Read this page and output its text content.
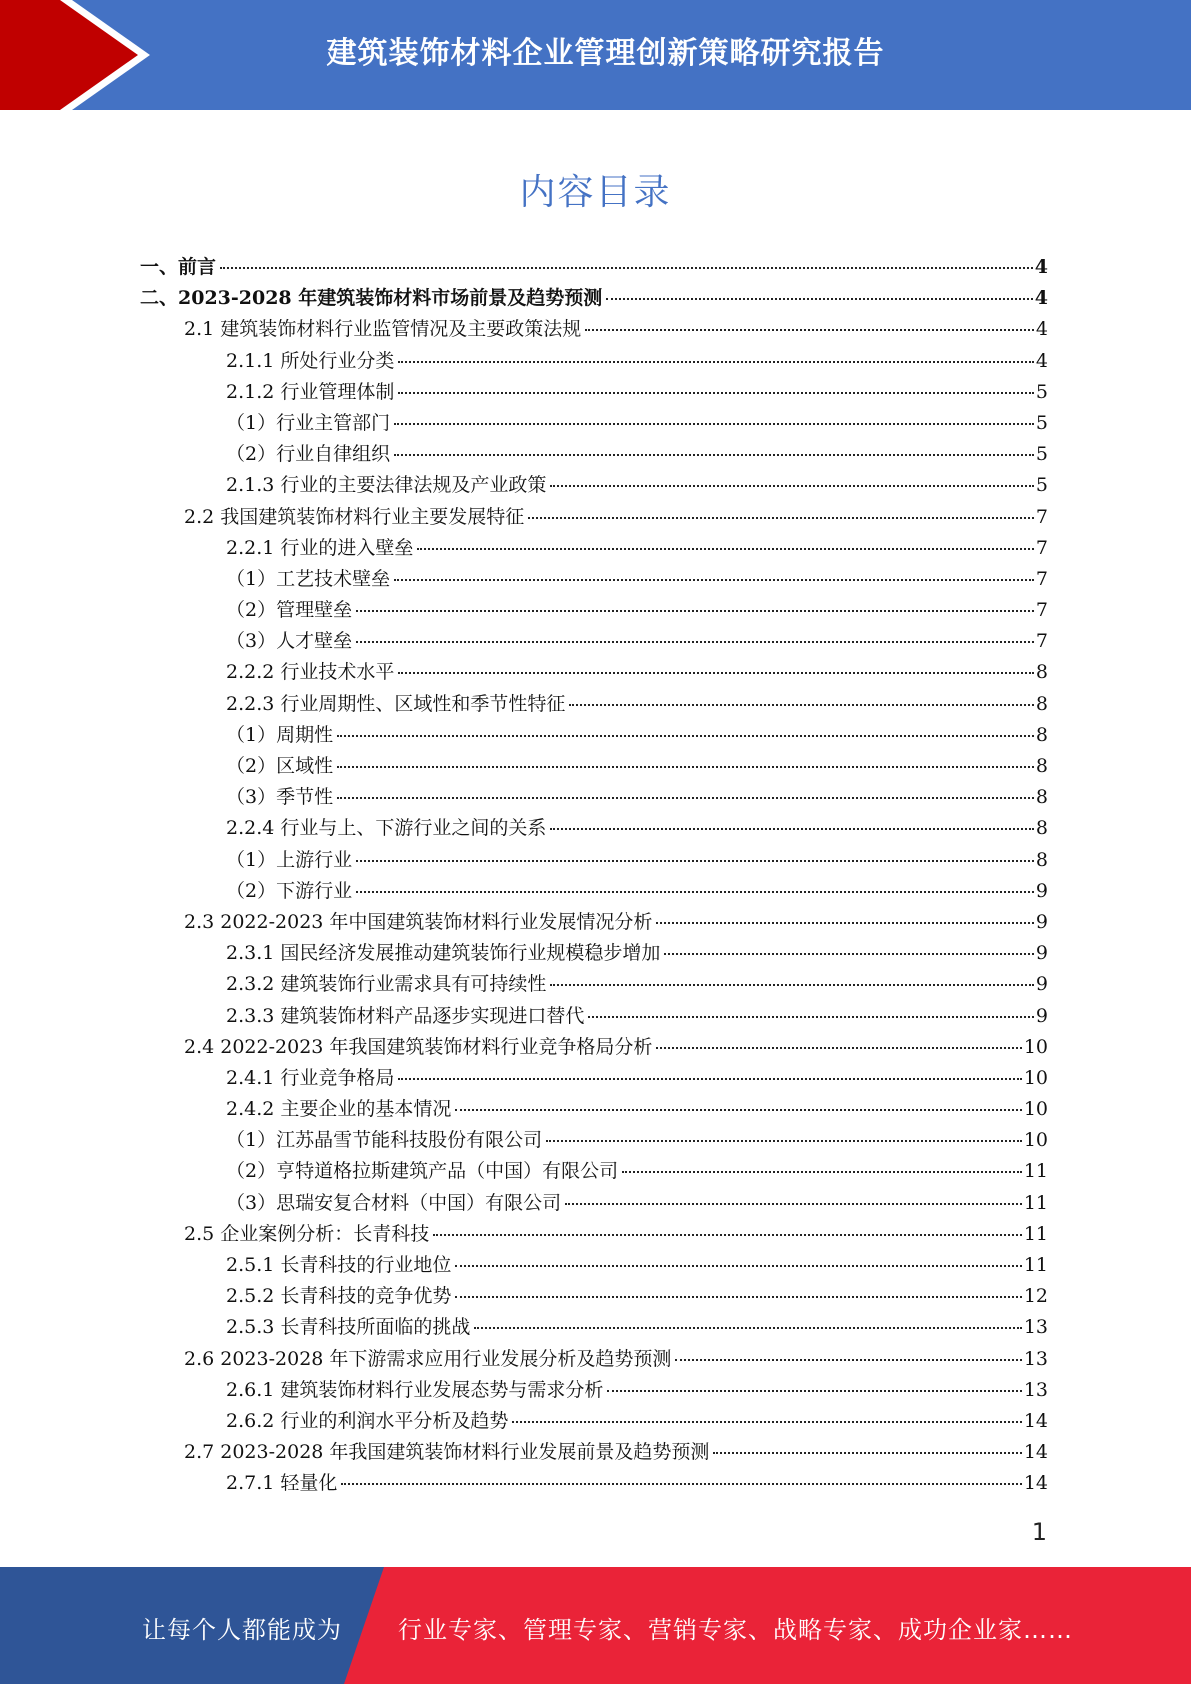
建筑装饰材料企业管理创新策略研究报告
内容目录
一、前言	4
二、2023-2028 年建筑装饰材料市场前景及趋势预测	4
2.1 建筑装饰材料行业监管情况及主要政策法规	4
2.1.1 所处行业分类	4
2.1.2 行业管理体制	5
（1）行业主管部门	5
（2）行业自律组织	5
2.1.3 行业的主要法律法规及产业政策	5
2.2 我国建筑装饰材料行业主要发展特征	7
2.2.1 行业的进入壁垒	7
（1）工艺技术壁垒	7
（2）管理壁垒	7
（3）人才壁垒	7
2.2.2 行业技术水平	8
2.2.3 行业周期性、区域性和季节性特征	8
（1）周期性	8
（2）区域性	8
（3）季节性	8
2.2.4 行业与上、下游行业之间的关系	8
（1）上游行业	8
（2）下游行业	9
2.3 2022-2023 年中国建筑装饰材料行业发展情况分析	9
2.3.1 国民经济发展推动建筑装饰行业规模稳步增加	9
2.3.2 建筑装饰行业需求具有可持续性	9
2.3.3 建筑装饰材料产品逐步实现进口替代	9
2.4 2022-2023 年我国建筑装饰材料行业竞争格局分析	10
2.4.1 行业竞争格局	10
2.4.2 主要企业的基本情况	10
（1）江苏晶雪节能科技股份有限公司	10
（2）亨特道格拉斯建筑产品（中国）有限公司	11
（3）思瑞安复合材料（中国）有限公司	11
2.5 企业案例分析：长青科技	11
2.5.1 长青科技的行业地位	11
2.5.2 长青科技的竞争优势	12
2.5.3 长青科技所面临的挑战	13
2.6 2023-2028 年下游需求应用行业发展分析及趋势预测	13
2.6.1 建筑装饰材料行业发展态势与需求分析	13
2.6.2 行业的利润水平分析及趋势	14
2.7 2023-2028 年我国建筑装饰材料行业发展前景及趋势预测	14
2.7.1 轻量化	14
1
让每个人都能成为 行业专家、管理专家、营销专家、战略专家、成功企业家……
